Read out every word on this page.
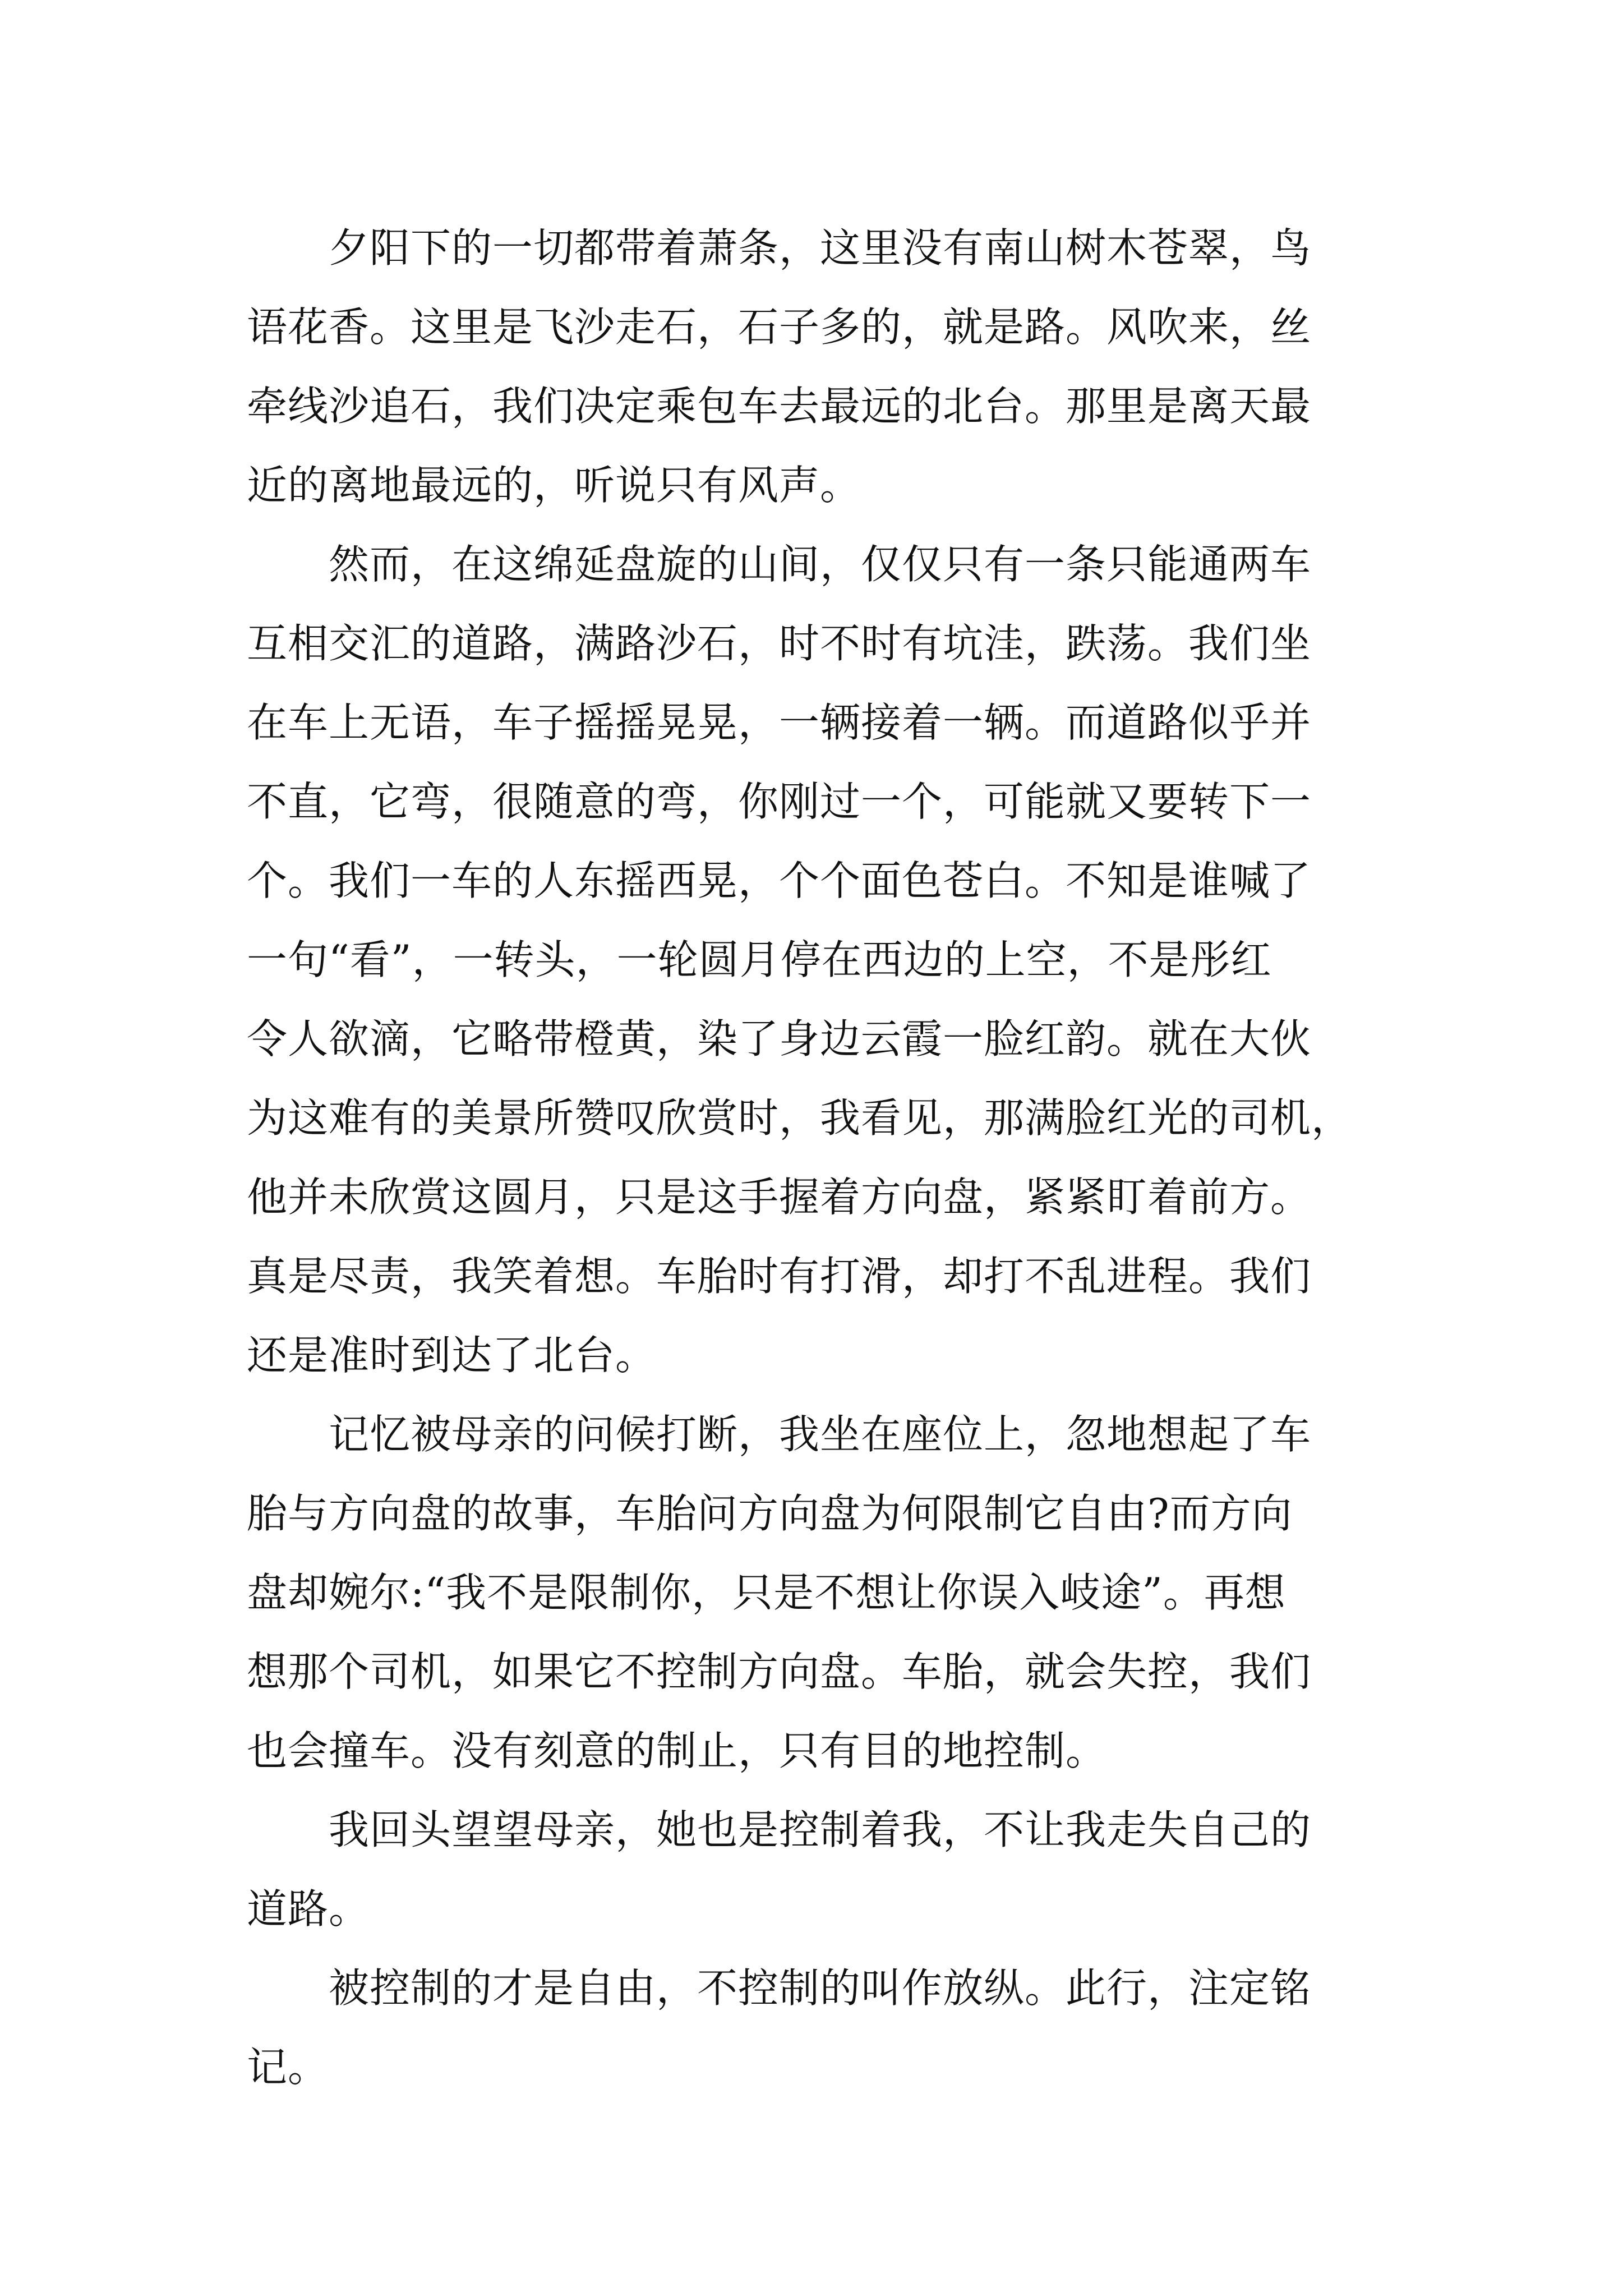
夕阳下的一切都带着萧条，这里没有南山树木苍翠，鸟
语花香。这里是飞沙走石，石子多的，就是路。风吹来，丝
牵线沙追石，我们决定乘包车去最远的北台。那里是离天最
近的离地最远的，听说只有风声。
然而，在这绵延盘旋的山间，仅仅只有一条只能通两车
互相交汇的道路，满路沙石，时不时有坑洼，跌荡。我们坐
在车上无语，车子摇摇晃晃，一辆接着一辆。而道路似乎并
不直，它弯，很随意的弯，你刚过一个，可能就又要转下一
个。我们一车的人东摇西晃，个个面色苍白。不知是谁喊了
一句“看”，一转头，一轮圆月停在西边的上空，不是彤红
令人欲滴，它略带橙黄，染了身边云霞一脸红韵。就在大伙
为这难有的美景所赞叹欣赏时，我看见，那满脸红光的司机，
他并未欣赏这圆月，只是这手握着方向盘，紧紧盯着前方。
真是尽责，我笑着想。车胎时有打滑，却打不乱进程。我们
还是准时到达了北台。
记忆被母亲的问候打断，我坐在座位上，忽地想起了车
胎与方向盘的故事，车胎问方向盘为何限制它自由?而方向
盘却婉尔:“我不是限制你，只是不想让你误入岐途”。再想
想那个司机，如果它不控制方向盘。车胎，就会失控，我们
也会撞车。没有刻意的制止，只有目的地控制。
我回头望望母亲，她也是控制着我，不让我走失自己的
道路。
被控制的才是自由，不控制的叫作放纵。此行，注定铭
记。
